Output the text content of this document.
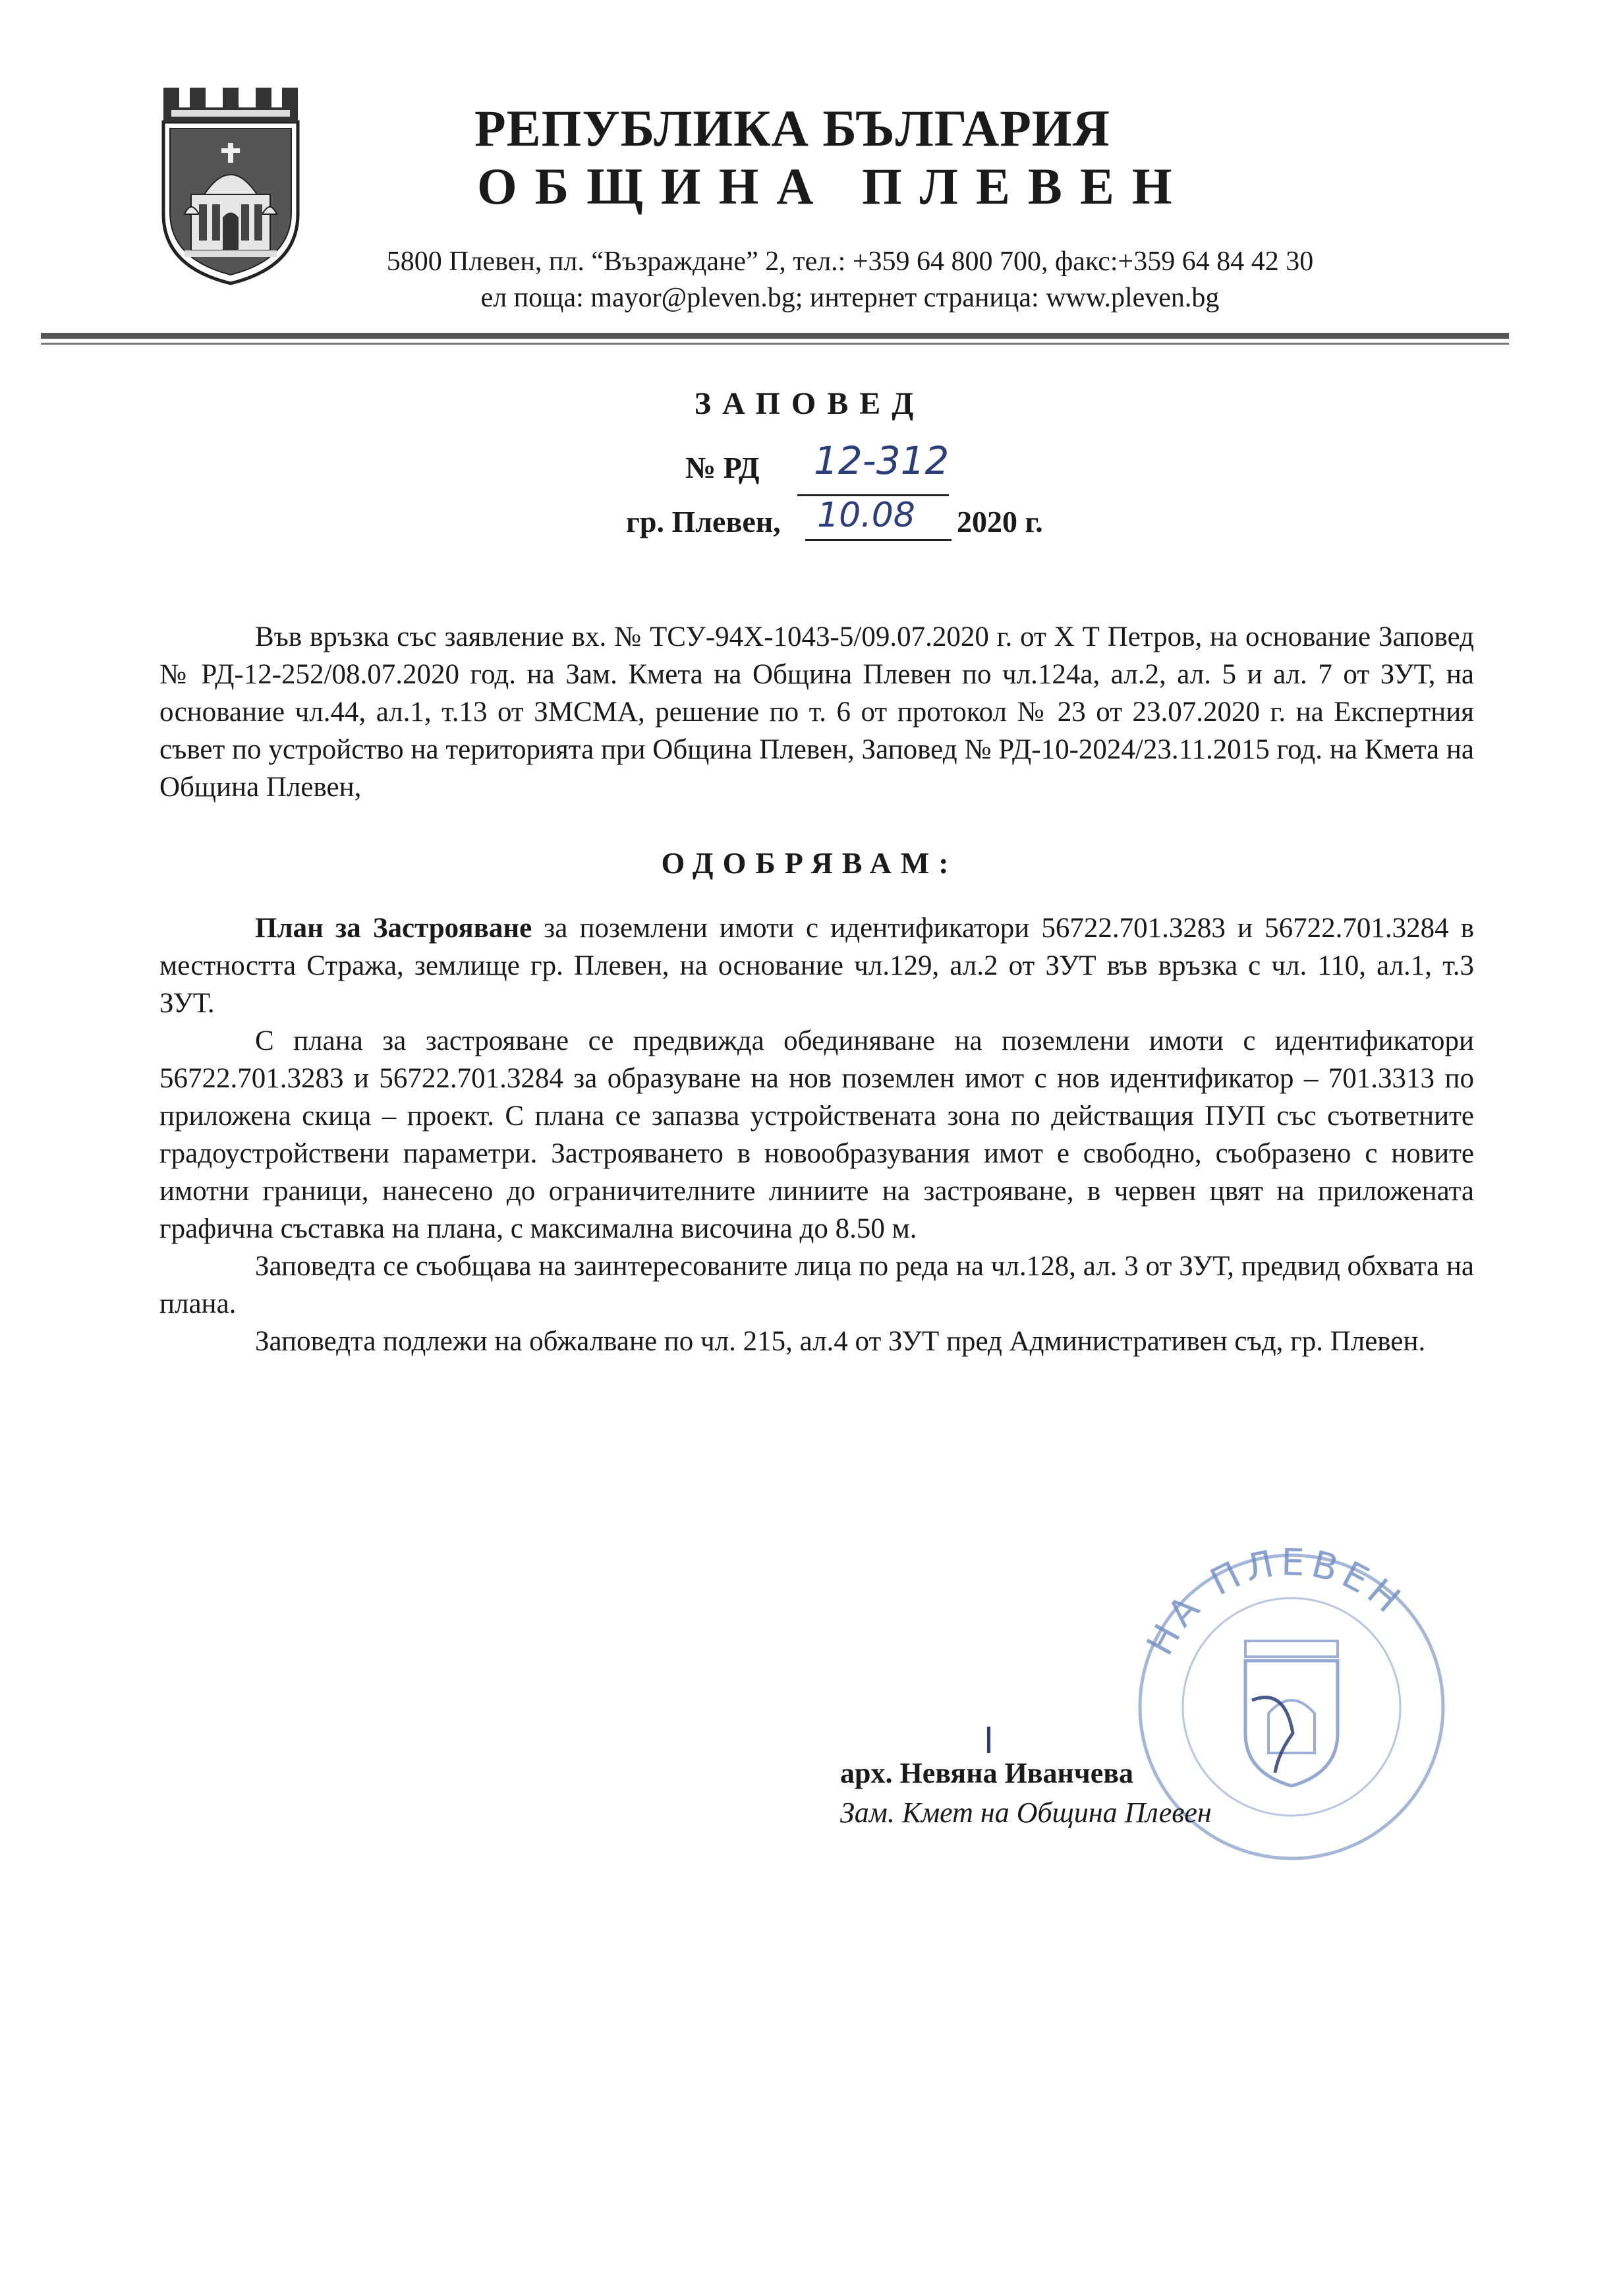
РЕПУБЛИКА БЪЛГАРИЯ
ОБЩИНА ПЛЕВЕН
5800 Плевен, пл. “Възраждане” 2, тел.: +359 64 800 700, факс:+359 64 84 42 30
ел поща: mayor@pleven.bg; интернет страница: www.pleven.bg
ЗАПОВЕД
№ РД 12-312
гр. Плевен, 10.08 2020 г.

Във връзка със заявление вх. № ТСУ-94Х-1043-5/09.07.2020 г. от Х Т Петров, на основание Заповед № РД-12-252/08.07.2020 год. на Зам. Кмета на Община Плевен по чл.124а, ал.2, ал. 5 и ал. 7 от ЗУТ, на основание чл.44, ал.1, т.13 от ЗМСМА, решение по т. 6 от протокол № 23 от 23.07.2020 г. на Експертния съвет по устройство на територията при Община Плевен, Заповед № РД-10-2024/23.11.2015 год. на Кмета на Община Плевен,

ОДОБРЯВАМ:

План за Застрояване за поземлени имоти с идентификатори 56722.701.3283 и 56722.701.3284 в местността Стража, землище гр. Плевен, на основание чл.129, ал.2 от ЗУТ във връзка с чл. 110, ал.1, т.3 ЗУТ.

С плана за застрояване се предвижда обединяване на поземлени имоти с идентификатори 56722.701.3283 и 56722.701.3284 за образуване на нов поземлен имот с нов идентификатор – 701.3313 по приложена скица – проект. С плана се запазва устройствената зона по действащия ПУП със съответните градоустройствени параметри. Застрояването в новообразувания имот е свободно, съобразено с новите имотни граници, нанесено до ограничителните линиите на застрояване, в червен цвят на приложената графична съставка на плана, с максимална височина до 8.50 м.

Заповедта се съобщава на заинтересованите лица по реда на чл.128, ал. 3 от ЗУТ, предвид обхвата на плана.

Заповедта подлежи на обжалване по чл. 215, ал.4 от ЗУТ пред Административен съд, гр. Плевен.

НА ПЛЕВЕН
арх. Невяна Иванчева
Зам. Кмет на Община Плевен
